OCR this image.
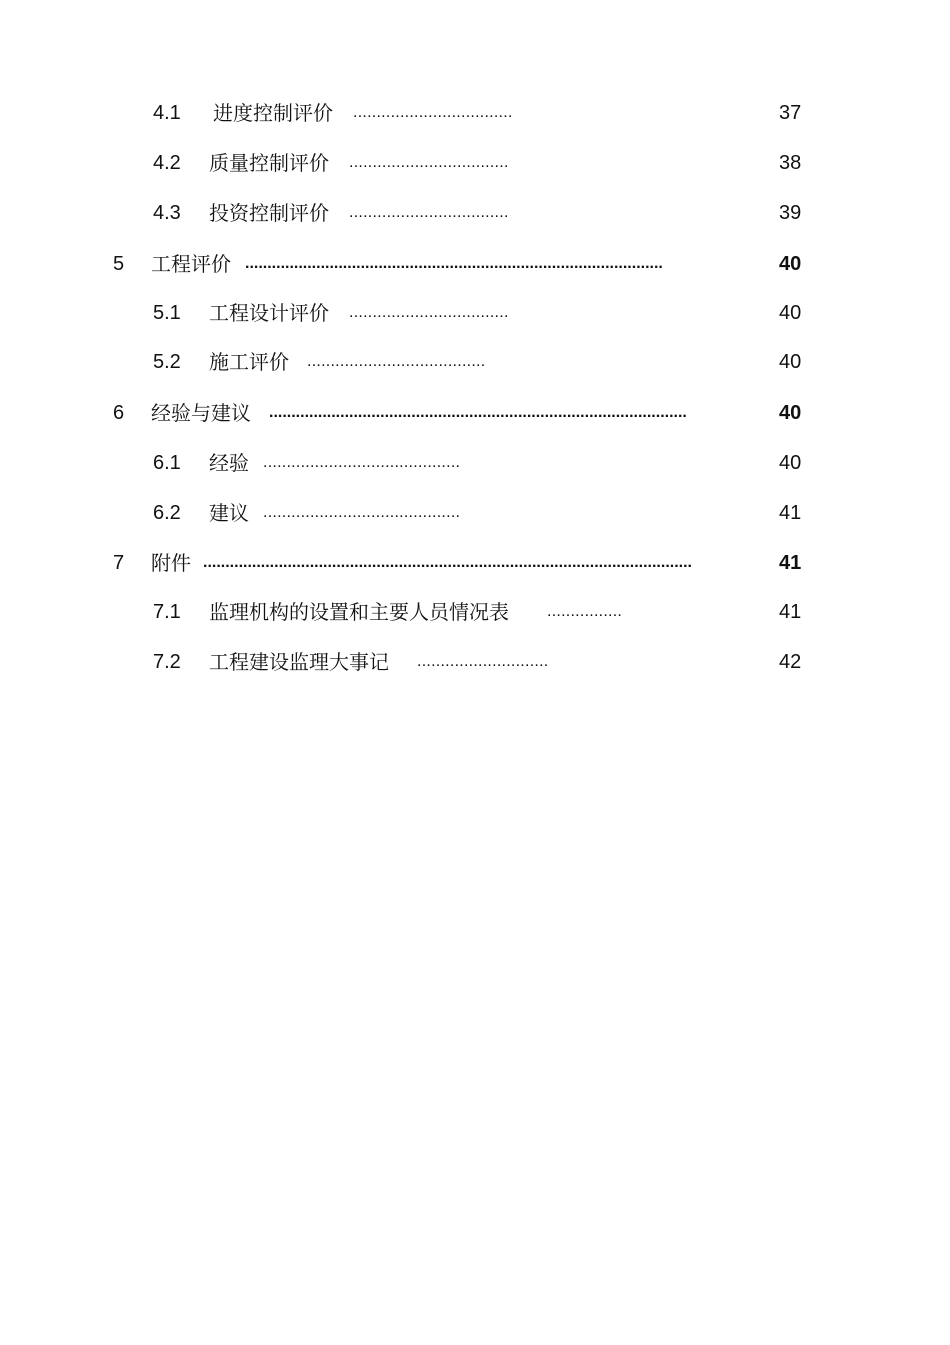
4.1	进度控制评价 ..................................	37
4.2	质量控制评价 ..................................	38
4.3	投资控制评价 ..................................	39
5	工程评价 ..............................................................................................	40
5.1	工程设计评价 ..................................	40
5.2	施工评价 ......................................	40
6	经验与建议 ..............................................................................................	40
6.1	经验 ..........................................	40
6.2	建议 ..........................................	41
7	附件 ..............................................................................................................	41
7.1	监理机构的设置和主要人员情况表 ................	41
7.2	工程建设监理大事记 ............................	42
